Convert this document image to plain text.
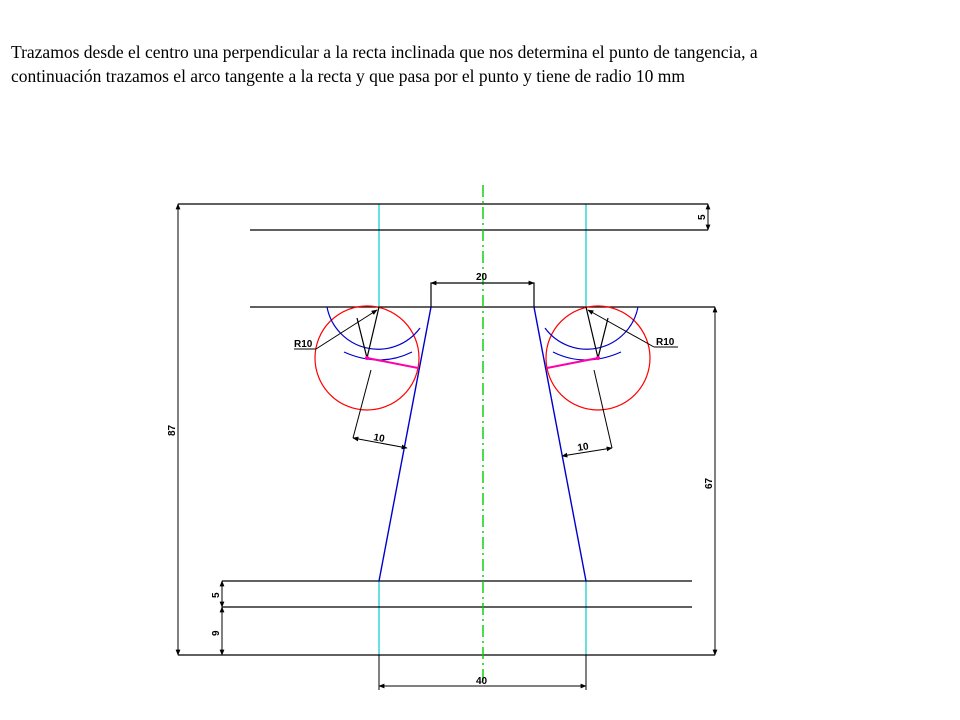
Trazamos desde el centro una perpendicular a la recta inclinada que nos determina el punto de tangencia, a

continuación trazamos el arco tangente a la recta y que pasa por el punto y tiene de radio 10 mm

20
40
87
67
5
5
9
R10	R10
10
10
